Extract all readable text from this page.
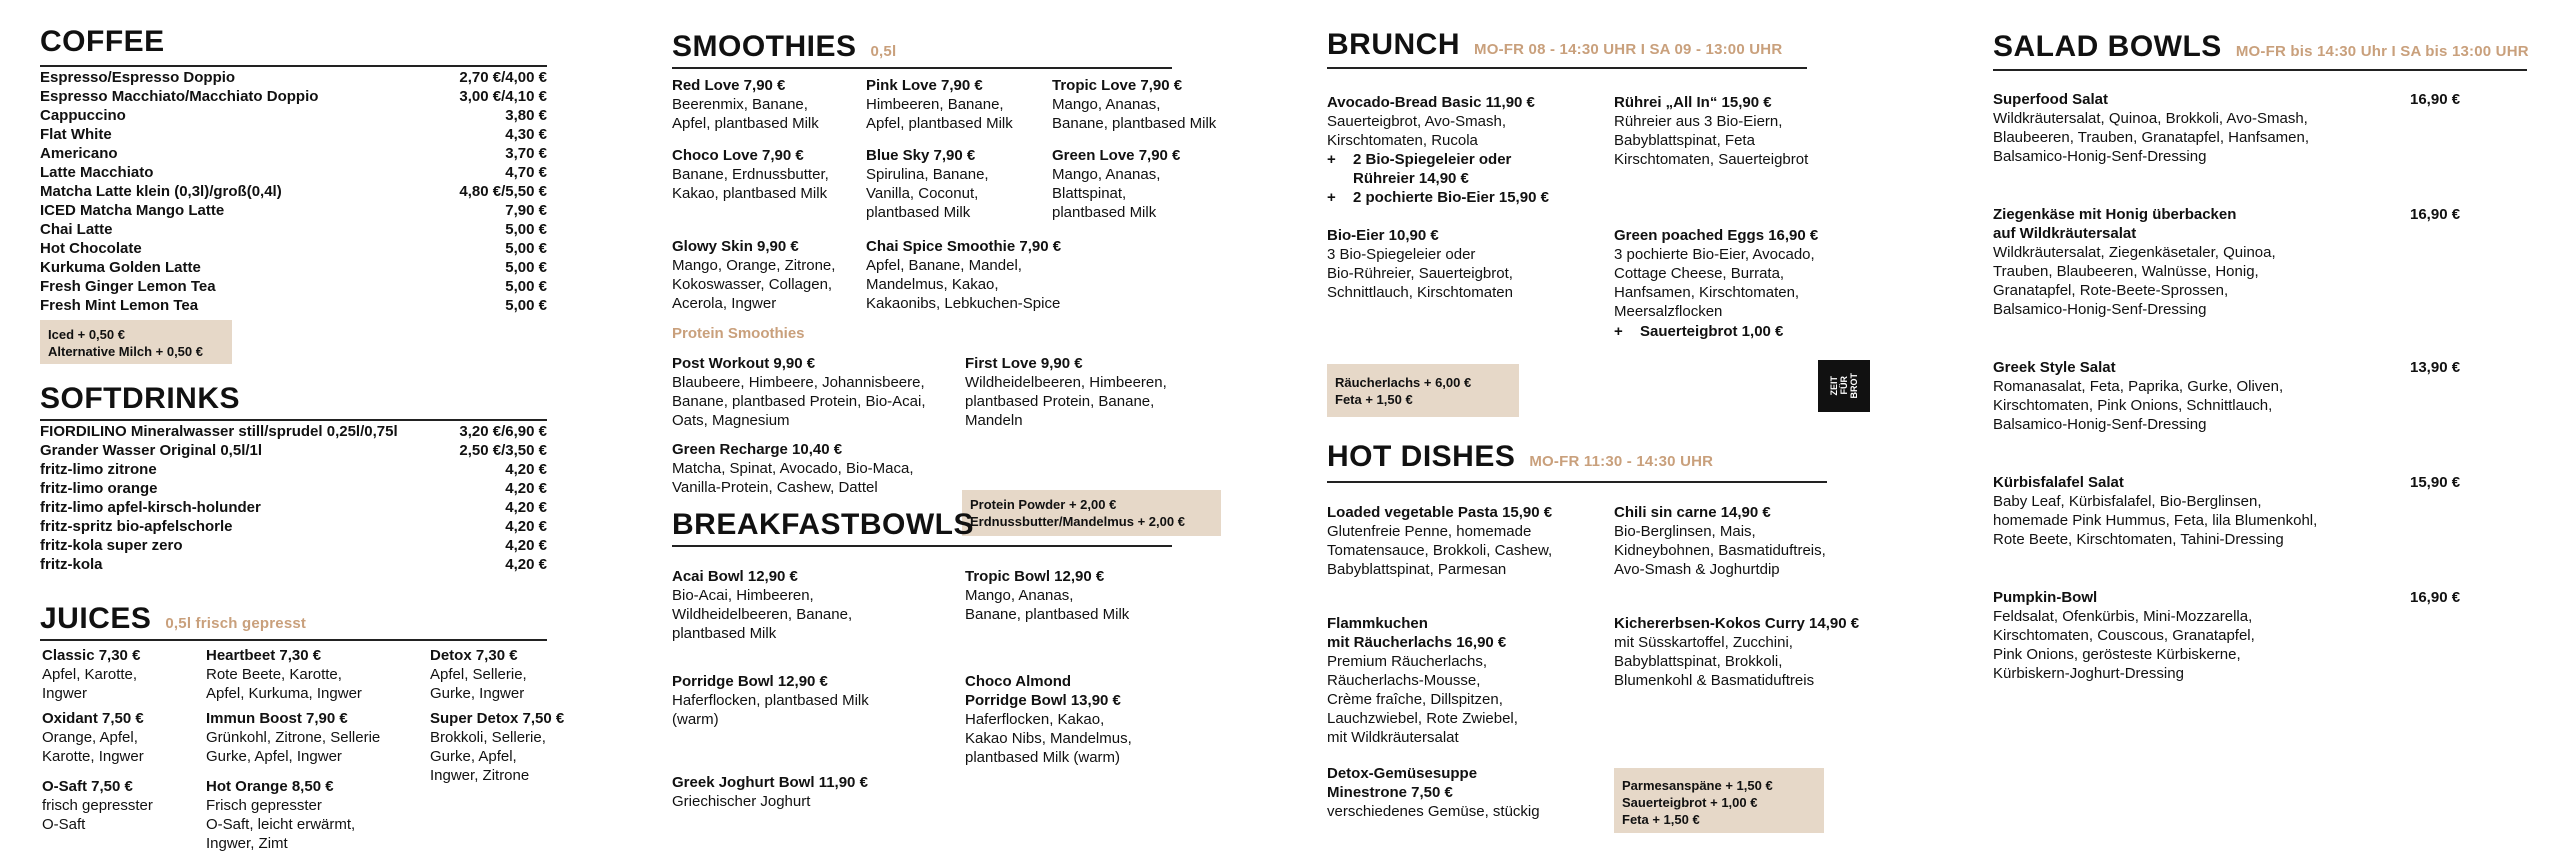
COFFEE
Espresso/Espresso Doppio	2,70 €/4,00 €
Espresso Macchiato/Macchiato Doppio	3,00 €/4,10 €
Cappuccino	3,80 €
Flat White	4,30 €
Americano	3,70 €
Latte Macchiato	4,70 €
Matcha Latte klein (0,3l)/groß(0,4l)	4,80 €/5,50 €
ICED Matcha Mango Latte	7,90 €
Chai Latte	5,00 €
Hot Chocolate	5,00 €
Kurkuma Golden Latte	5,00 €
Fresh Ginger Lemon Tea	5,00 €
Fresh Mint Lemon Tea	5,00 €
Iced + 0,50 €
Alternative Milch + 0,50 €
SOFTDRINKS
FIORDILINO Mineralwasser still/sprudel 0,25l/0,75l	3,20 €/6,90 €
Grander Wasser Original 0,5l/1l	2,50 €/3,50 €
fritz-limo zitrone	4,20 €
fritz-limo orange	4,20 €
fritz-limo apfel-kirsch-holunder	4,20 €
fritz-spritz bio-apfelschorle	4,20 €
fritz-kola super zero	4,20 €
fritz-kola	4,20 €
JUICES 0,5l frisch gepresst
Classic 7,30 €
Apfel, Karotte,
Ingwer
Heartbeet 7,30 €
Rote Beete, Karotte,
Apfel, Kurkuma, Ingwer
Detox 7,30 €
Apfel, Sellerie,
Gurke, Ingwer
Oxidant 7,50 €
Orange, Apfel,
Karotte, Ingwer
Immun Boost 7,90 €
Grünkohl, Zitrone, Sellerie
Gurke, Apfel, Ingwer
Super Detox 7,50 €
Brokkoli, Sellerie,
Gurke, Apfel,
Ingwer, Zitrone
O-Saft 7,50 €
frisch gepresster
O-Saft
Hot Orange 8,50 €
Frisch gepresster
O-Saft, leicht erwärmt,
Ingwer, Zimt
SMOOTHIES 0,5l
Red Love 7,90 €
Beerenmix, Banane,
Apfel, plantbased Milk
Pink Love 7,90 €
Himbeeren, Banane,
Apfel, plantbased Milk
Tropic Love 7,90 €
Mango, Ananas,
Banane, plantbased Milk
Choco Love 7,90 €
Banane, Erdnussbutter,
Kakao, plantbased Milk
Blue Sky 7,90 €
Spirulina, Banane,
Vanilla, Coconut,
plantbased Milk
Green Love 7,90 €
Mango, Ananas,
Blattspinat,
plantbased Milk
Glowy Skin 9,90 €
Mango, Orange, Zitrone,
Kokoswasser, Collagen,
Acerola, Ingwer
Chai Spice Smoothie 7,90 €
Apfel, Banane, Mandel,
Mandelmus, Kakao,
Kakaonibs, Lebkuchen-Spice
Protein Smoothies
Post Workout 9,90 €
Blaubeere, Himbeere, Johannisbeere,
Banane, plantbased Protein, Bio-Acai,
Oats, Magnesium
First Love 9,90 €
Wildheidelbeeren, Himbeeren,
plantbased Protein, Banane,
Mandeln
Green Recharge 10,40 €
Matcha, Spinat, Avocado, Bio-Maca,
Vanilla-Protein, Cashew, Dattel
Protein Powder + 2,00 €
Erdnussbutter/Mandelmus + 2,00 €
BREAKFASTBOWLS
Acai Bowl 12,90 €
Bio-Acai, Himbeeren,
Wildheidelbeeren, Banane,
plantbased Milk
Tropic Bowl 12,90 €
Mango, Ananas,
Banane, plantbased Milk
Porridge Bowl 12,90 €
Haferflocken, plantbased Milk
(warm)
Choco Almond
Porridge Bowl 13,90 €
Haferflocken, Kakao,
Kakao Nibs, Mandelmus,
plantbased Milk (warm)
Greek Joghurt Bowl 11,90 €
Griechischer Joghurt
BRUNCH MO-FR 08 - 14:30 UHR I SA 09 - 13:00 UHR
Avocado-Bread Basic 11,90 €
Sauerteigbrot, Avo-Smash,
Kirschtomaten, Rucola
+ 2 Bio-Spiegeleier oder
Rührеier 14,90 €
+ 2 pochierte Bio-Eier 15,90 €
Bio-Eier 10,90 €
3 Bio-Spiegeleier oder
Bio-Rührеier, Sauerteigbrot,
Schnittlauch, Kirschtomaten
Rührei „All In“ 15,90 €
Rühreier aus 3 Bio-Eiern,
Babyblattspinat, Feta
Kirschtomaten, Sauerteigbrot
Green poached Eggs 16,90 €
3 pochierte Bio-Eier, Avocado,
Cottage Cheese, Burrata,
Hanfsamen, Kirschtomaten,
Meersalzflocken
+ Sauerteigbrot 1,00 €
Räucherlachs + 6,00 €
Feta + 1,50 €
ZEIT
FÜR
BROT
HOT DISHES MO-FR 11:30 - 14:30 UHR
Loaded vegetable Pasta 15,90 €
Glutenfreie Penne, homemade
Tomatensauce, Brokkoli, Cashew,
Babyblattspinat, Parmesan
Chili sin carne 14,90 €
Bio-Berglinsen, Mais,
Kidneybohnen, Basmatiduftreis,
Avo-Smash & Joghurtdip
Flammkuchen
mit Räucherlachs 16,90 €
Premium Räucherlachs,
Räucherlachs-Mousse,
Crème fraîche, Dillspitzen,
Lauchzwiebel, Rote Zwiebel,
mit Wildkräutersalat
Kichererbsen-Kokos Curry 14,90 €
mit Süsskartoffel, Zucchini,
Babyblattspinat, Brokkoli,
Blumenkohl & Basmatiduftreis
Detox-Gemüsesuppe
Minestrone 7,50 €
verschiedenes Gemüse, stückig
Parmesanspäne + 1,50 €
Sauerteigbrot + 1,00 €
Feta + 1,50 €
SALAD BOWLS MO-FR bis 14:30 Uhr I SA bis 13:00 UHR
Superfood Salat
Wildkräutersalat, Quinoa, Brokkoli, Avo-Smash,
Blaubeeren, Trauben, Granatapfel, Hanfsamen,
Balsamico-Honig-Senf-Dressing
16,90 €
Ziegenkäse mit Honig überbacken
auf Wildkräutersalat
Wildkräutersalat, Ziegenkäsetaler, Quinoa,
Trauben, Blaubeeren, Walnüsse, Honig,
Granatapfel, Rote-Beete-Sprossen,
Balsamico-Honig-Senf-Dressing
16,90 €
Greek Style Salat
Romanasalat, Feta, Paprika, Gurke, Oliven,
Kirschtomaten, Pink Onions, Schnittlauch,
Balsamico-Honig-Senf-Dressing
13,90 €
Kürbisfalafel Salat
Baby Leaf, Kürbisfalafel, Bio-Berglinsen,
homemade Pink Hummus, Feta, lila Blumenkohl,
Rote Beete, Kirschtomaten, Tahini-Dressing
15,90 €
Pumpkin-Bowl
Feldsalat, Ofenkürbis, Mini-Mozzarella,
Kirschtomaten, Couscous, Granatapfel,
Pink Onions, gerösteste Kürbiskerne,
Kürbiskern-Joghurt-Dressing
16,90 €
